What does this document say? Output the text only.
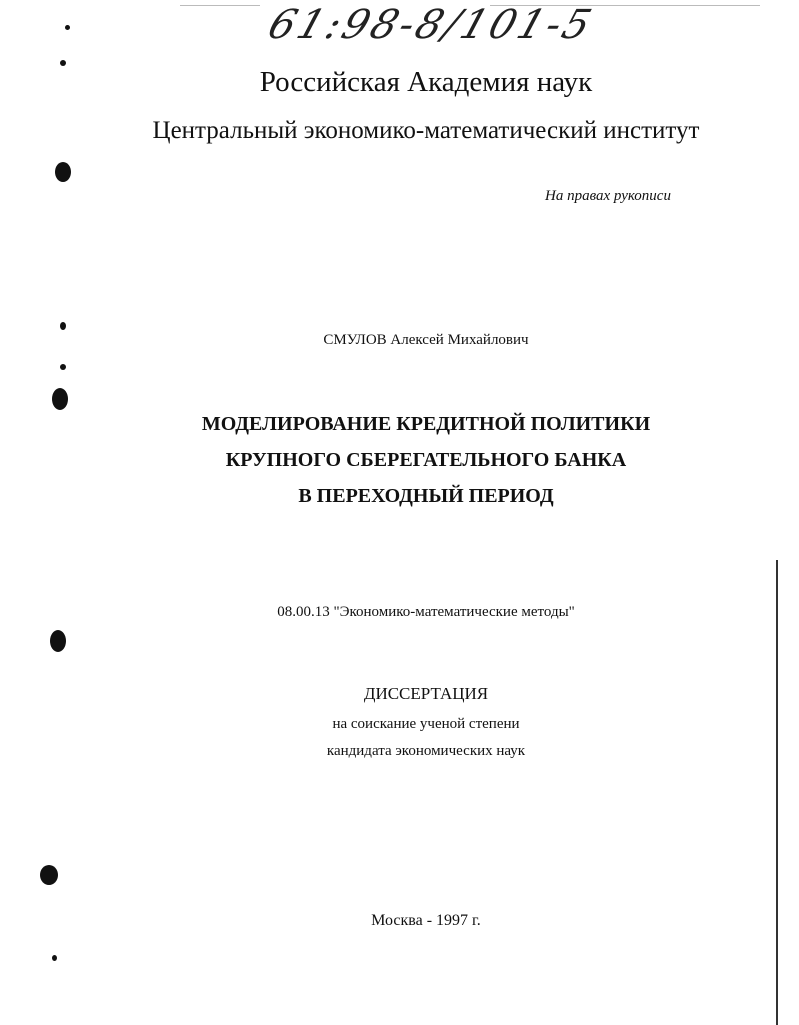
61:98-8/101-5
Российская Академия наук
Центральный экономико-математический институт
На правах рукописи
СМУЛОВ Алексей Михайлович
МОДЕЛИРОВАНИЕ КРЕДИТНОЙ ПОЛИТИКИ
КРУПНОГО СБЕРЕГАТЕЛЬНОГО БАНКА
В ПЕРЕХОДНЫЙ ПЕРИОД
08.00.13 "Экономико-математические методы"
ДИССЕРТАЦИЯ
на соискание ученой степени
кандидата экономических наук
Москва - 1997 г.
